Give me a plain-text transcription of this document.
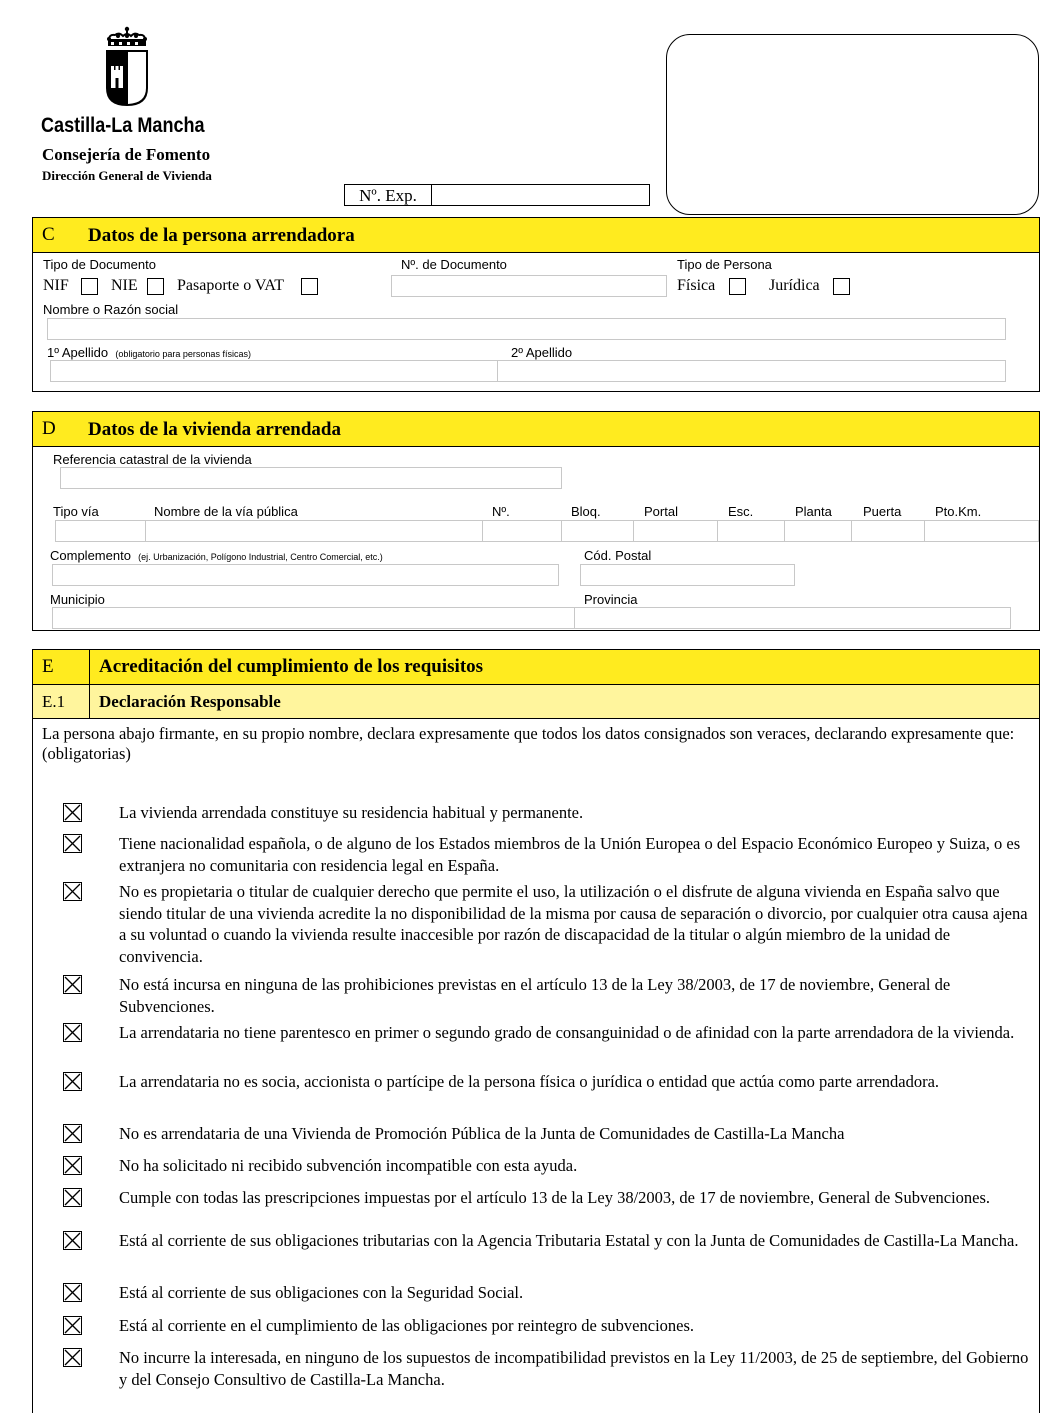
Castilla-La Mancha
Consejería de Fomento
Dirección General de Vivienda
Nº. Exp.
C Datos de la persona arrendadora
Tipo de Documento
NIF	NIE Pasaporte o VAT
Nº. de Documento	Tipo de Persona
Física	Jurídica
Nombre o Razón social
1º Apellido (obligatorio para personas físicas)	2º Apellido
D Datos de la vivienda arrendada
Referencia catastral de la vivienda
Tipo vía	Nombre de la vía pública	Nº.	Bloq.	Portal	Esc.	Planta Puerta	Pto.Km.
Complemento (ej. Urbanización, Polígono Industrial, Centro Comercial, etc.)	Cód. Postal
Municipio	Provincia
E	Acreditación del cumplimiento de los requisitos
E.1	Declaración Responsable
La persona abajo firmante, en su propio nombre, declara expresamente que todos los datos consignados son veraces, declarando expresamente que:
(obligatorias)
La vivienda arrendada constituye su residencia habitual y permanente.
Tiene nacionalidad española, o de alguno de los Estados miembros de la Unión Europea o del Espacio Económico Europeo y Suiza, o es extranjera no comunitaria con residencia legal en España.
No es propietaria o titular de cualquier derecho que permite el uso, la utilización o el disfrute de alguna vivienda en España salvo que siendo titular de una vivienda acredite la no disponibilidad de la misma por causa de separación o divorcio, por cualquier otra causa ajena a su voluntad o cuando la vivienda resulte inaccesible por razón de discapacidad de la titular o algún miembro de la unidad de convivencia.
No está incursa en ninguna de las prohibiciones previstas en el artículo 13 de la Ley 38/2003, de 17 de noviembre, General de Subvenciones.
La arrendataria no tiene parentesco en primer o segundo grado de consanguinidad o de afinidad con la parte arrendadora de la vivienda.
La arrendataria no es socia, accionista o partícipe de la persona física o jurídica o entidad que actúa como parte arrendadora.
No es arrendataria de una Vivienda de Promoción Pública de la Junta de Comunidades de Castilla-La Mancha
No ha solicitado ni recibido subvención incompatible con esta ayuda.
Cumple con todas las prescripciones impuestas por el artículo 13 de la Ley 38/2003, de 17 de noviembre, General de Subvenciones.
Está al corriente de sus obligaciones tributarias con la Agencia Tributaria Estatal y con la Junta de Comunidades de Castilla-La Mancha.
Está al corriente de sus obligaciones con la Seguridad Social.
Está al corriente en el cumplimiento de las obligaciones por reintegro de subvenciones.
No incurre la interesada, en ninguno de los supuestos de incompatibilidad previstos en la Ley 11/2003, de 25 de septiembre, del Gobierno y del Consejo Consultivo de Castilla-La Mancha.
